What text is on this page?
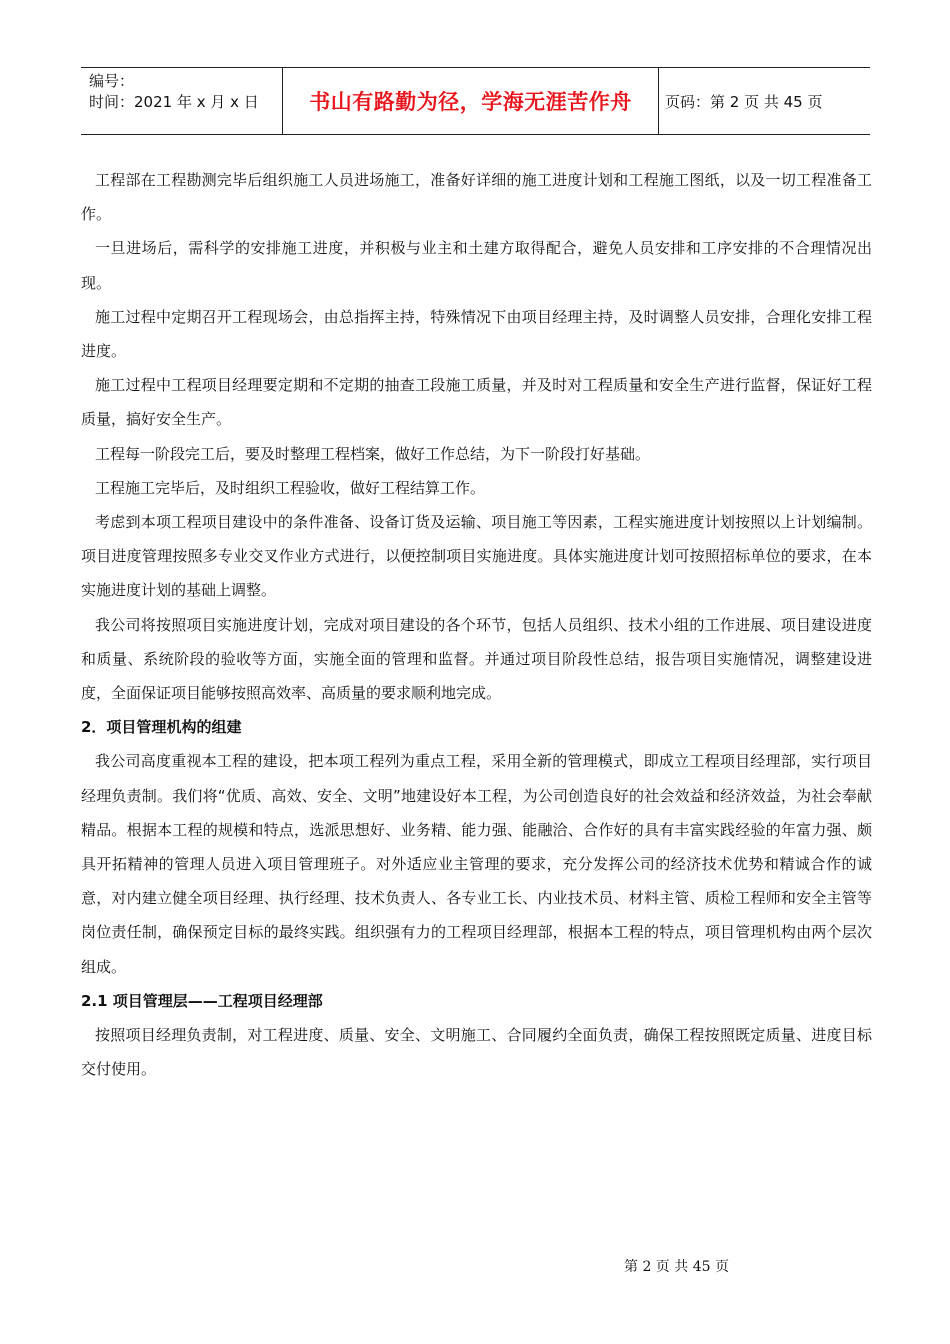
编号：
时间：2021 年 x 月 x 日	书山有路勤为径，学海无涯苦作舟	页码：第 2 页 共 45 页

工程部在工程勘测完毕后组织施工人员进场施工，准备好详细的施工进度计划和工程施工图纸，以及一切工程准备工作。

一旦进场后，需科学的安排施工进度，并积极与业主和土建方取得配合，避免人员安排和工序安排的不合理情况出现。

施工过程中定期召开工程现场会，由总指挥主持，特殊情况下由项目经理主持，及时调整人员安排，合理化安排工程进度。

施工过程中工程项目经理要定期和不定期的抽查工段施工质量，并及时对工程质量和安全生产进行监督，保证好工程质量，搞好安全生产。

工程每一阶段完工后，要及时整理工程档案，做好工作总结，为下一阶段打好基础。

工程施工完毕后，及时组织工程验收，做好工程结算工作。

考虑到本项工程项目建设中的条件准备、设备订货及运输、项目施工等因素，工程实施进度计划按照以上计划编制。项目进度管理按照多专业交叉作业方式进行，以便控制项目实施进度。具体实施进度计划可按照招标单位的要求，在本实施进度计划的基础上调整。

我公司将按照项目实施进度计划，完成对项目建设的各个环节，包括人员组织、技术小组的工作进展、项目建设进度和质量、系统阶段的验收等方面，实施全面的管理和监督。并通过项目阶段性总结，报告项目实施情况，调整建设进度，全面保证项目能够按照高效率、高质量的要求顺利地完成。

2．项目管理机构的组建

我公司高度重视本工程的建设，把本项工程列为重点工程，采用全新的管理模式，即成立工程项目经理部，实行项目经理负责制。我们将“优质、高效、安全、文明”地建设好本工程，为公司创造良好的社会效益和经济效益，为社会奉献精品。根据本工程的规模和特点，选派思想好、业务精、能力强、能融洽、合作好的具有丰富实践经验的年富力强、颇具开拓精神的管理人员进入项目管理班子。对外适应业主管理的要求，充分发挥公司的经济技术优势和精诚合作的诚意，对内建立健全项目经理、执行经理、技术负责人、各专业工长、内业技术员、材料主管、质检工程师和安全主管等岗位责任制，确保预定目标的最终实践。组织强有力的工程项目经理部，根据本工程的特点，项目管理机构由两个层次组成。

2.1 项目管理层——工程项目经理部

按照项目经理负责制，对工程进度、质量、安全、文明施工、合同履约全面负责，确保工程按照既定质量、进度目标交付使用。

第 2 页 共 45 页
